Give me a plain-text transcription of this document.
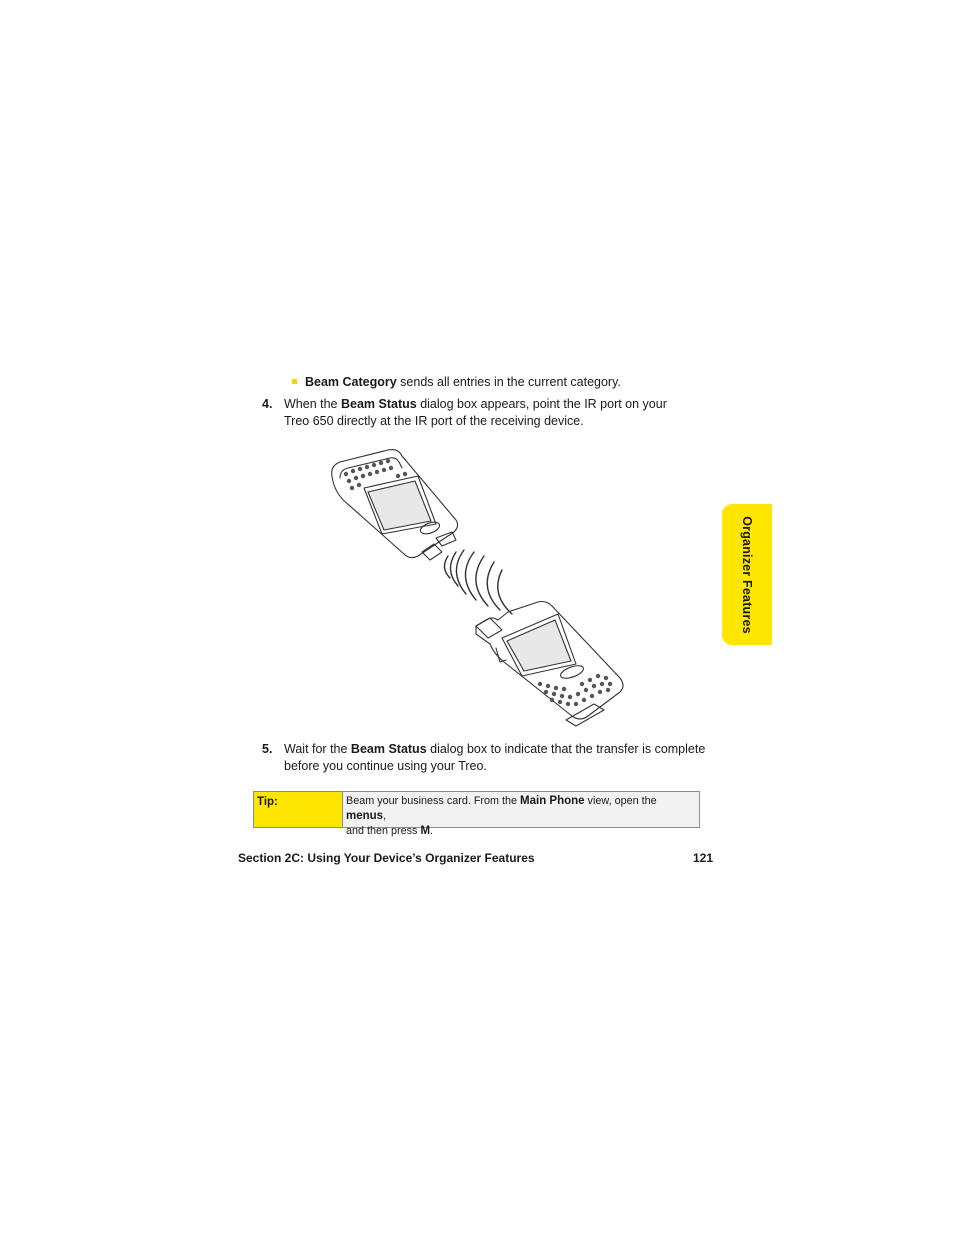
Beam Category sends all entries in the current category.
4. When the Beam Status dialog box appears, point the IR port on your
Treo 650 directly at the IR port of the receiving device.
5. Wait for the Beam Status dialog box to indicate that the transfer is complete
before you continue using your Treo.
Tip:	Beam your business card. From the Main Phone view, open the menus,
and then press M.
Section 2C: Using Your Device’s Organizer Features	121
Organizer Features
